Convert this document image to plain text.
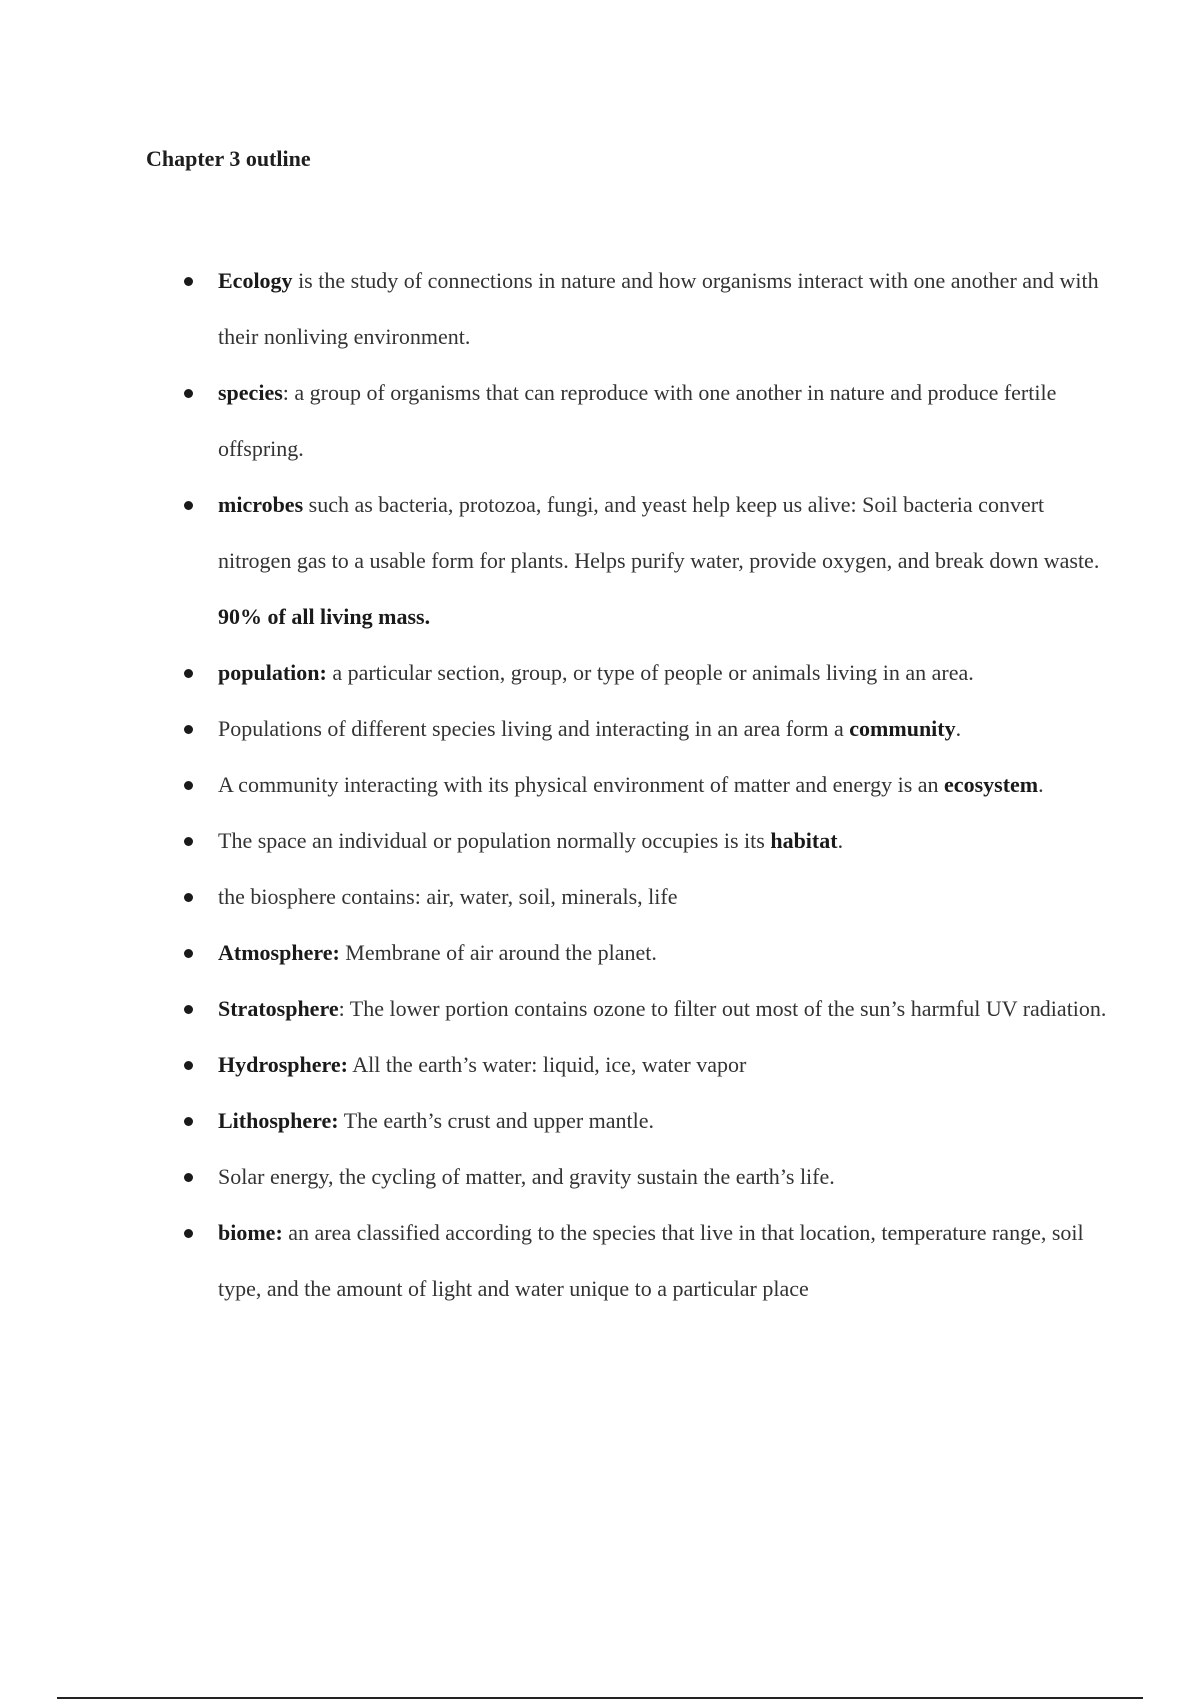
Chapter 3 outline
Ecology is the study of connections in nature and how organisms interact with one another and with their nonliving environment.
species: a group of organisms that can reproduce with one another in nature and produce fertile offspring.
microbes such as bacteria, protozoa, fungi, and yeast help keep us alive: Soil bacteria convert nitrogen gas to a usable form for plants. Helps purify water, provide oxygen, and break down waste. 90% of all living mass.
population: a particular section, group, or type of people or animals living in an area.
Populations of different species living and interacting in an area form a community.
A community interacting with its physical environment of matter and energy is an ecosystem.
The space an individual or population normally occupies is its habitat.
the biosphere contains: air, water, soil, minerals, life
Atmosphere: Membrane of air around the planet.
Stratosphere: The lower portion contains ozone to filter out most of the sun’s harmful UV radiation.
Hydrosphere: All the earth’s water: liquid, ice, water vapor
Lithosphere: The earth’s crust and upper mantle.
Solar energy, the cycling of matter, and gravity sustain the earth’s life.
biome: an area classified according to the species that live in that location, temperature range, soil type, and the amount of light and water unique to a particular place
